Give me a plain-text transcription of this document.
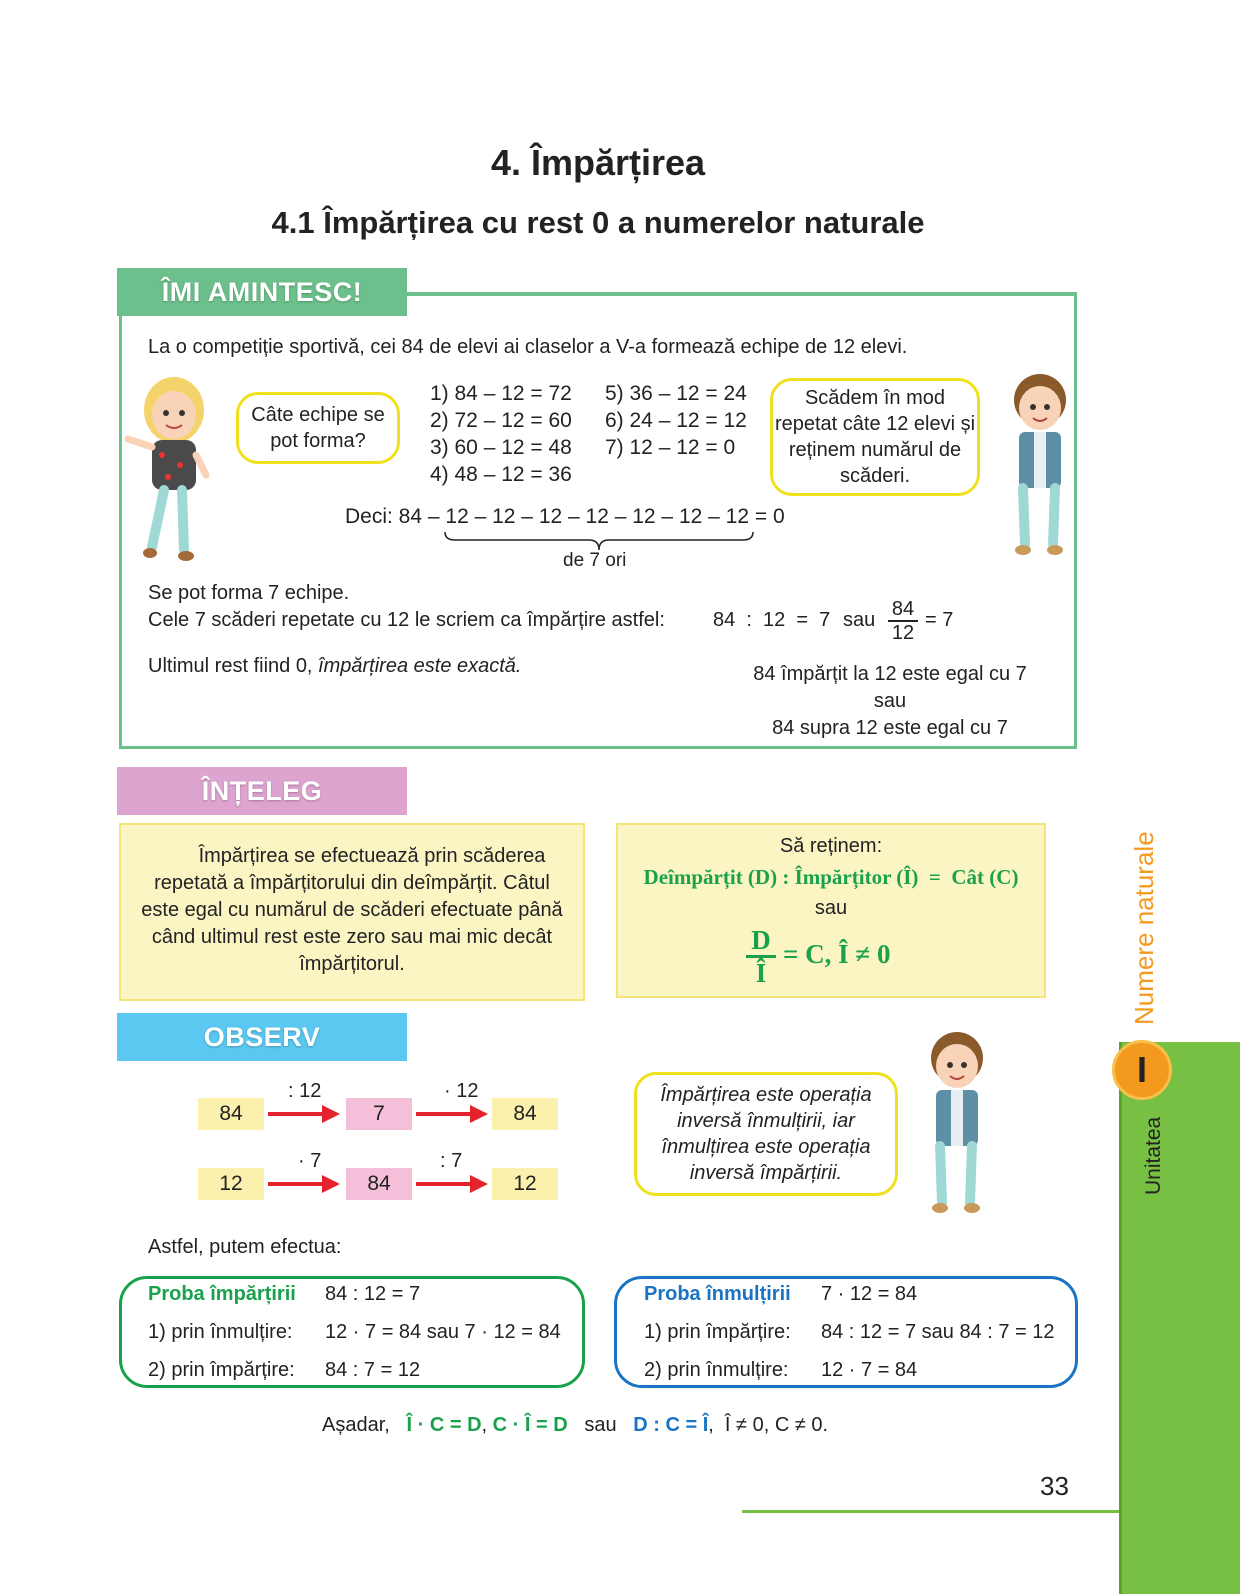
4. Împărțirea
4.1 Împărțirea cu rest 0 a numerelor naturale
ÎMI AMINTESC!
La o competiție sportivă, cei 84 de elevi ai claselor a V-a formează echipe de 12 elevi.
Câte echipe se pot forma?
1) 84 – 12 = 72
2) 72 – 12 = 60
3) 60 – 12 = 48
4) 48 – 12 = 36
5) 36 – 12 = 24
6) 24 – 12 = 12
7) 12 – 12 = 0
Scădem în mod repetat câte 12 elevi și reținem numărul de scăderi.
Deci: 84 – 12 – 12 – 12 – 12 – 12 – 12 – 12 = 0
de 7 ori
Se pot forma 7 echipe.
Cele 7 scăderi repetate cu 12 le scriem ca împărțire astfel: 84  :  12  =  7 sau $\frac{84}{12} = 7$
Ultimul rest fiind 0, împărțirea este exactă.	84 împărțit la 12 este egal cu 7
sau
84 supra 12 este egal cu 7
ÎNȚELEG
Împărțirea se efectuează prin scăderea repetată a împărțitorului din deîmpărțit. Câtul este egal cu numărul de scăderi efectuate până când ultimul rest este zero sau mai mic decât împărțitorul.
Să reținem:
Deîmpărțit (D) : Împărțitor (Î)  =  Cât (C)
sau
$\frac{D}{Î} = C$, Î ≠ 0
OBSERV
84
: 12
7
· 12
84
12
· 7
84
: 7
12
Împărțirea este operația inversă înmulțirii, iar înmulțirea este operația inversă împărțirii.
Astfel, putem efectua:
Proba împărțirii 84 : 12 = 7
1) prin înmulțire: 12 · 7 = 84 sau 7 · 12 = 84
2) prin împărțire: 84 : 7 = 12
Proba înmulțirii 7 · 12 = 84
1) prin împărțire: 84 : 12 = 7 sau 84 : 7 = 12
2) prin înmulțire: 12 · 7 = 84
Așadar, Î · C = D, C · Î = D sau D : C = Î,  Î ≠ 0, C ≠ 0.
33
Unitatea
I
Numere naturale
